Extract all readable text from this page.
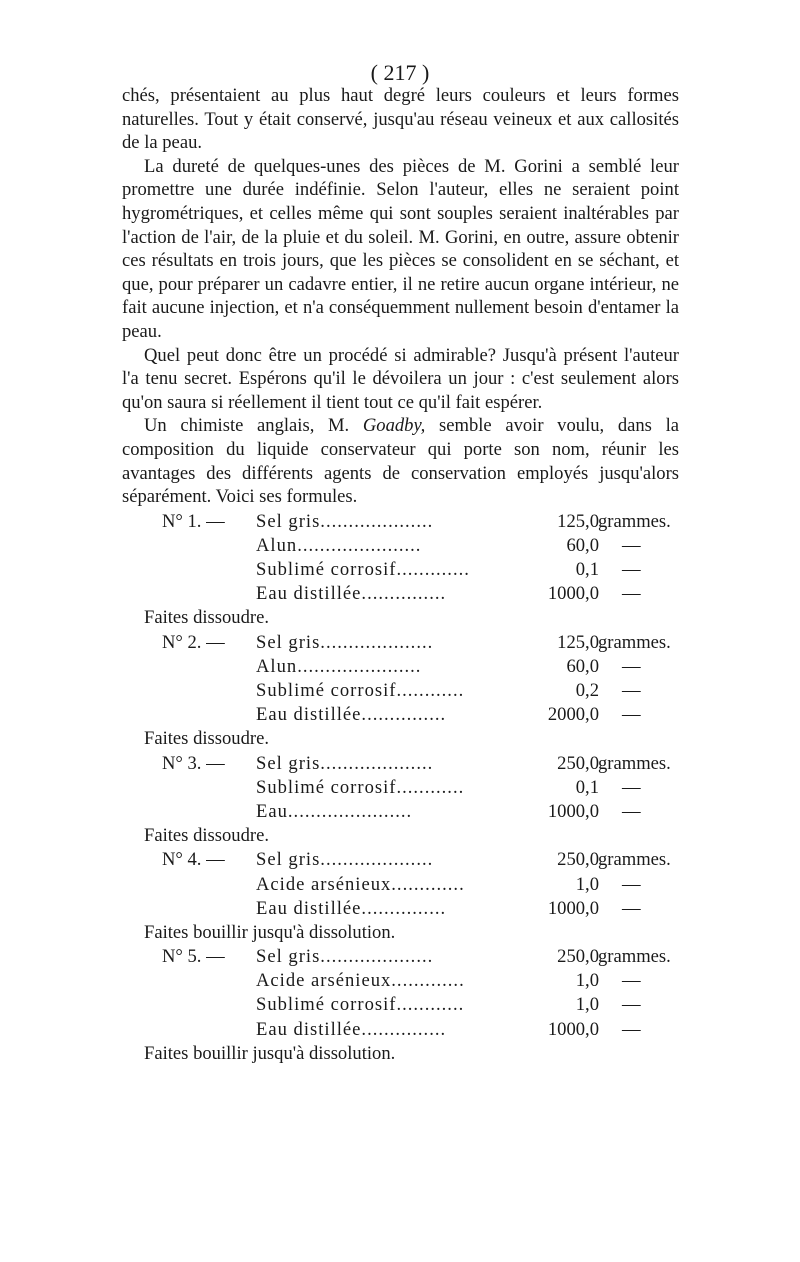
( 217 )

chés, présentaient au plus haut degré leurs couleurs et leurs formes naturelles. Tout y était conservé, jusqu'au réseau veineux et aux callosités de la peau.

La dureté de quelques-unes des pièces de M. Gorini a semblé leur promettre une durée indéfinie. Selon l'auteur, elles ne seraient point hygrométriques, et celles même qui sont souples seraient inaltérables par l'action de l'air, de la pluie et du soleil. M. Gorini, en outre, assure obtenir ces résultats en trois jours, que les pièces se consolident en se séchant, et que, pour préparer un cadavre entier, il ne retire aucun organe intérieur, ne fait aucune injection, et n'a conséquemment nullement besoin d'entamer la peau.

Quel peut donc être un procédé si admirable? Jusqu'à présent l'auteur l'a tenu secret. Espérons qu'il le dévoilera un jour : c'est seulement alors qu'on saura si réellement il tient tout ce qu'il fait espérer.

Un chimiste anglais, M. Goadby, semble avoir voulu, dans la composition du liquide conservateur qui porte son nom, réunir les avantages des différents agents de conservation employés jusqu'alors séparément. Voici ses formules.

N° 1. — Sel gris....................	125,0 grammes.
Alun......................	60,0 —
Sublimé corrosif.............	0,1 —
Eau distillée...............	1000,0 —
Faites dissoudre.
N° 2. — Sel gris....................	125,0 grammes.
Alun......................	60,0 —
Sublimé corrosif............	0,2 —
Eau distillée...............	2000,0 —
Faites dissoudre.
N° 3. — Sel gris....................	250,0 grammes.
Sublimé corrosif............	0,1 —
Eau......................	1000,0 —
Faites dissoudre.
N° 4. — Sel gris....................	250,0 grammes.
Acide arsénieux.............	1,0 —
Eau distillée...............	1000,0 —
Faites bouillir jusqu'à dissolution.
N° 5. — Sel gris....................	250,0 grammes.
Acide arsénieux.............	1,0 —
Sublimé corrosif............	1,0 —
Eau distillée...............	1000,0 —
Faites bouillir jusqu'à dissolution.
